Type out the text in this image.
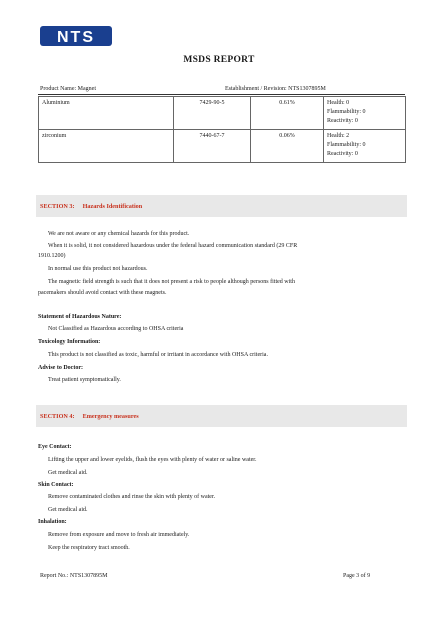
NTS
MSDS REPORT
Product Name: Magnet	Establishment / Revision: NTS1307895M
Aluminium	7429-90-5	0.61%	Health: 0
Flammability: 0
Reactivity: 0

zirconium	7440-67-7	0.06%	Health: 2
Flammability: 0
Reactivity: 0
SECTION 3: Hazards Identification
We are not aware or any chemical hazards for this product.
When it is solid, it not considered hazardous under the federal hazard communication standard (29 CFR
1910.1200)
In normal use this product not hazardous.
The magnetic field strength is such that it does not present a risk to people although persons fitted with
pacemakers should avoid contact with these magnets.
Statement of Hazardous Nature:
Not Classified as Hazardous according to OHSA criteria
Toxicology Information:
This product is not classified as toxic, harmful or irritant in accordance with OHSA criteria.
Advise to Doctor:
Treat patient symptomatically.
SECTION 4: Emergency measures
Eye Contact:
Lifting the upper and lower eyelids, flush the eyes with plenty of water or saline water.
Get medical aid.
Skin Contact:
Remove contaminated clothes and rinse the skin with plenty of water.
Get medical aid.
Inhalation:
Remove from exposure and move to fresh air immediately.
Keep the respiratory tract smooth.
Report No.: NTS1307895M	Page 3 of 9
